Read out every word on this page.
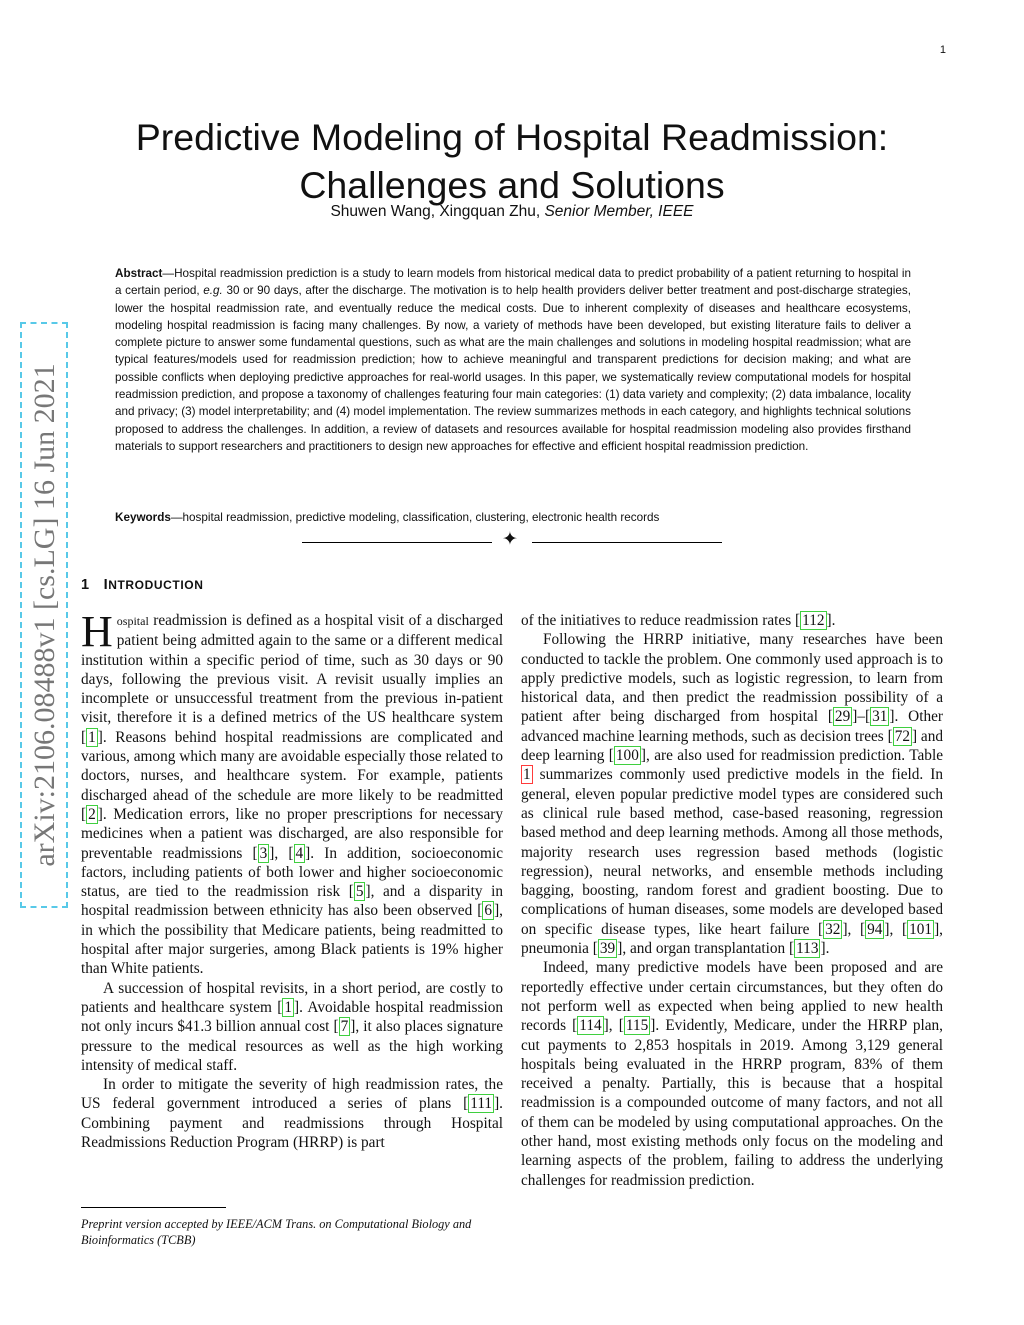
1
arXiv:2106.08488v1 [cs.LG] 16 Jun 2021
Predictive Modeling of Hospital Readmission: Challenges and Solutions
Shuwen Wang, Xingquan Zhu, Senior Member, IEEE
Abstract—Hospital readmission prediction is a study to learn models from historical medical data to predict probability of a patient returning to hospital in a certain period, e.g. 30 or 90 days, after the discharge. The motivation is to help health providers deliver better treatment and post-discharge strategies, lower the hospital readmission rate, and eventually reduce the medical costs. Due to inherent complexity of diseases and healthcare ecosystems, modeling hospital readmission is facing many challenges. By now, a variety of methods have been developed, but existing literature fails to deliver a complete picture to answer some fundamental questions, such as what are the main challenges and solutions in modeling hospital readmission; what are typical features/models used for readmission prediction; how to achieve meaningful and transparent predictions for decision making; and what are possible conflicts when deploying predictive approaches for real-world usages. In this paper, we systematically review computational models for hospital readmission prediction, and propose a taxonomy of challenges featuring four main categories: (1) data variety and complexity; (2) data imbalance, locality and privacy; (3) model interpretability; and (4) model implementation. The review summarizes methods in each category, and highlights technical solutions proposed to address the challenges. In addition, a review of datasets and resources available for hospital readmission modeling also provides firsthand materials to support researchers and practitioners to design new approaches for effective and efficient hospital readmission prediction.
Keywords—hospital readmission, predictive modeling, classification, clustering, electronic health records
✦
1 INTRODUCTION

Hospital readmission is defined as a hospital visit of a discharged patient being admitted again to the same or a different medical institution within a specific period of time, such as 30 days or 90 days, following the previous visit. A revisit usually implies an incomplete or unsuccessful treatment from the previous in-patient visit, therefore it is a defined metrics of the US healthcare system [ 1 ]. Reasons behind hospital readmissions are complicated and various, among which many are avoidable especially those related to doctors, nurses, and healthcare system. For example, patients discharged ahead of the schedule are more likely to be readmitted [ 2 ]. Medication errors, like no proper prescriptions for necessary medicines when a patient was discharged, are also responsible for preventable readmissions [ 3 ], [ 4 ]. In addition, socioeconomic factors, including patients of both lower and higher socioeconomic status, are tied to the readmission risk [ 5 ], and a disparity in hospital readmission between ethnicity has also been observed [ 6 ], in which the possibility that Medicare patients, being readmitted to hospital after major surgeries, among Black patients is 19% higher than White patients.

A succession of hospital revisits, in a short period, are costly to patients and healthcare system [ 1 ]. Avoidable hospital readmission not only incurs $41.3 billion annual cost [ 7 ], it also places signature pressure to the medical resources as well as the high working intensity of medical staff.

In order to mitigate the severity of high readmission rates, the US federal government introduced a series of plans [ 111 ]. Combining payment and readmissions through Hospital Readmissions Reduction Program (HRRP) is part

Preprint version accepted by IEEE/ACM Trans. on Computational Biology and Bioinformatics (TCBB)

of the initiatives to reduce readmission rates [ 112 ].

Following the HRRP initiative, many researches have been conducted to tackle the problem. One commonly used approach is to apply predictive models, such as logistic regression, to learn from historical data, and then predict the readmission possibility of a patient after being discharged from hospital [ 29 ]–[ 31 ]. Other advanced machine learning methods, such as decision trees [ 72 ] and deep learning [ 100 ], are also used for readmission prediction. Table 1 summarizes commonly used predictive models in the field. In general, eleven popular predictive model types are considered such as clinical rule based method, case-based reasoning, regression based method and deep learning methods. Among all those methods, majority research uses regression based methods (logistic regression), neural networks, and ensemble methods including bagging, boosting, random forest and gradient boosting. Due to complications of human diseases, some models are developed based on specific disease types, like heart failure [ 32 ], [ 94 ], [ 101 ], pneumonia [ 39 ], and organ transplantation [ 113 ].

Indeed, many predictive models have been proposed and are reportedly effective under certain circumstances, but they often do not perform well as expected when being applied to new health records [ 114 ], [ 115 ]. Evidently, Medicare, under the HRRP plan, cut payments to 2,853 hospitals in 2019. Among 3,129 general hospitals being evaluated in the HRRP program, 83% of them received a penalty. Partially, this is because that a hospital readmission is a compounded outcome of many factors, and not all of them can be modeled by using computational approaches. On the other hand, most existing methods only focus on the modeling and learning aspects of the problem, failing to address the underlying challenges for readmission prediction.
